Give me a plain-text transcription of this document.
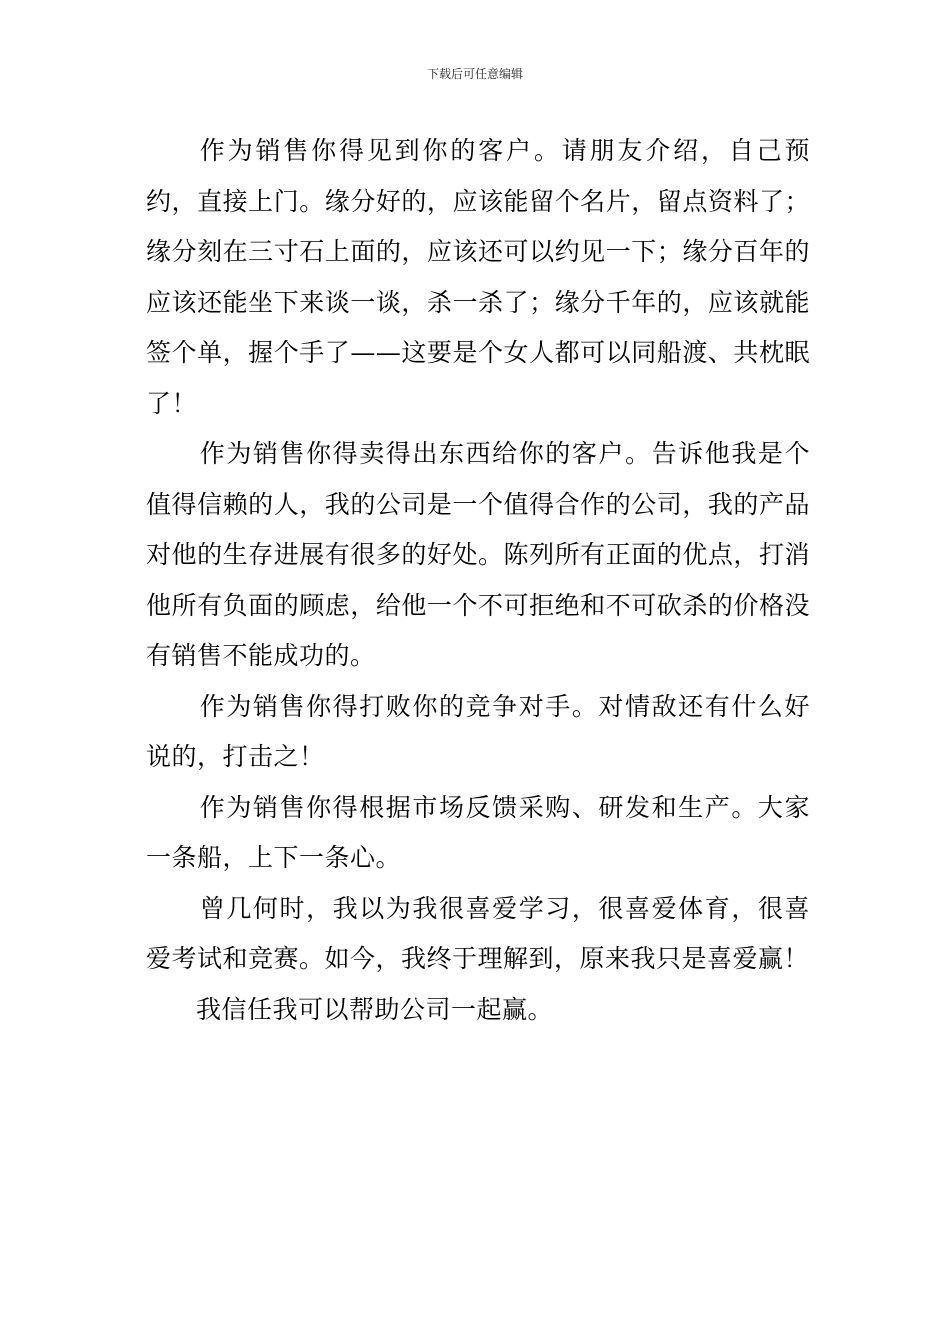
下载后可任意编辑

作为销售你得见到你的客户。请朋友介绍，自己预约，直接上门。缘分好的，应该能留个名片，留点资料了；缘分刻在三寸石上面的，应该还可以约见一下；缘分百年的应该还能坐下来谈一谈，杀一杀了；缘分千年的，应该就能签个单，握个手了——这要是个女人都可以同船渡、共枕眠了！

作为销售你得卖得出东西给你的客户。告诉他我是个值得信赖的人，我的公司是一个值得合作的公司，我的产品对他的生存进展有很多的好处。陈列所有正面的优点，打消他所有负面的顾虑，给他一个不可拒绝和不可砍杀的价格没有销售不能成功的。

作为销售你得打败你的竞争对手。对情敌还有什么好说的，打击之！

作为销售你得根据市场反馈采购、研发和生产。大家一条船，上下一条心。

曾几何时，我以为我很喜爱学习，很喜爱体育，很喜爱考试和竞赛。如今，我终于理解到，原来我只是喜爱赢！

我信任我可以帮助公司一起赢。
